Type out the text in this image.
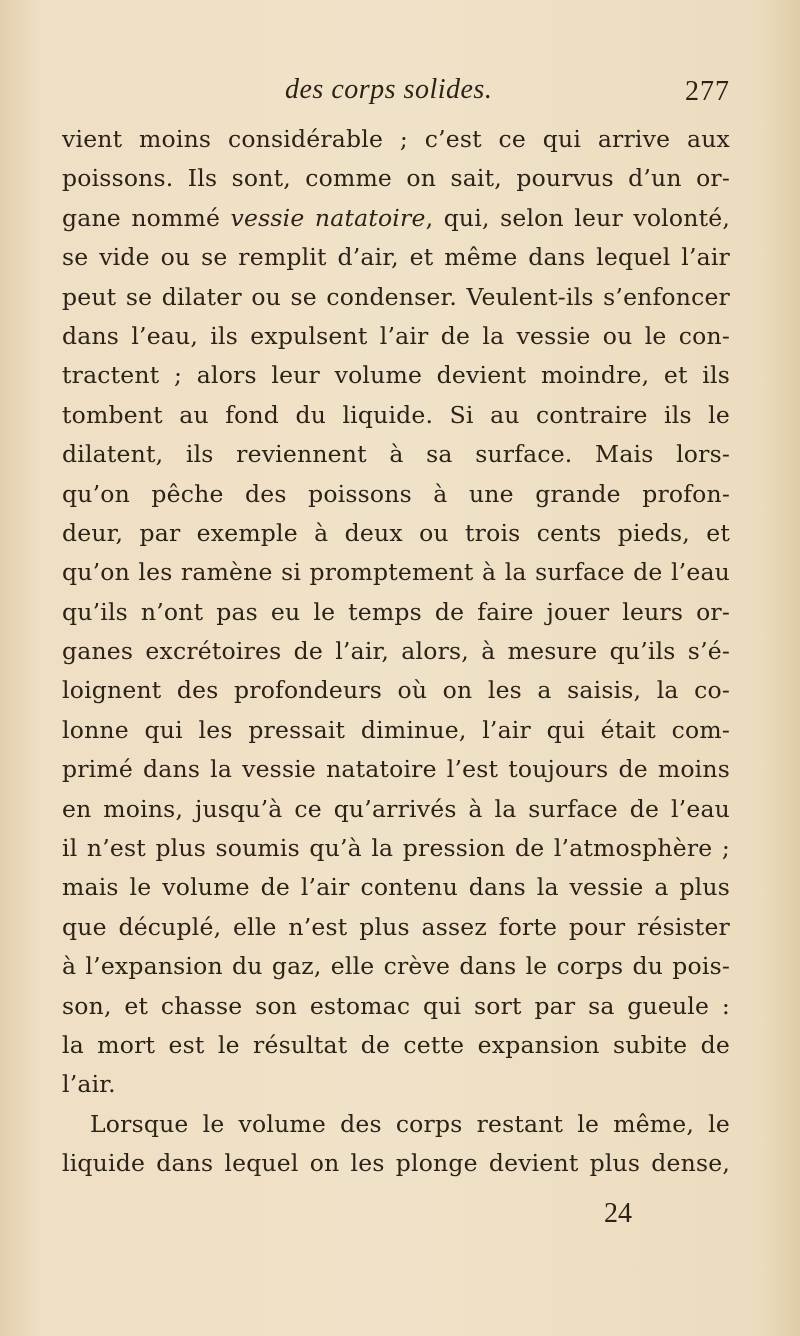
des corps solides.	277
vient moins considérable ; c’est ce qui arrive aux
poissons. Ils sont, comme on sait, pourvus d’un or-
gane nommé vessie natatoire, qui, selon leur volonté,
se vide ou se remplit d’air, et même dans lequel l’air
peut se dilater ou se condenser. Veulent-ils s’enfoncer
dans l’eau, ils expulsent l’air de la vessie ou le con-
tractent ; alors leur volume devient moindre, et ils
tombent au fond du liquide. Si au contraire ils le
dilatent, ils reviennent à sa surface. Mais lors-
qu’on pêche des poissons à une grande profon-
deur, par exemple à deux ou trois cents pieds, et
qu’on les ramène si promptement à la surface de l’eau
qu’ils n’ont pas eu le temps de faire jouer leurs or-
ganes excrétoires de l’air, alors, à mesure qu’ils s’é-
loignent des profondeurs où on les a saisis, la co-
lonne qui les pressait diminue, l’air qui était com-
primé dans la vessie natatoire l’est toujours de moins
en moins, jusqu’à ce qu’arrivés à la surface de l’eau
il n’est plus soumis qu’à la pression de l’atmosphère ;
mais le volume de l’air contenu dans la vessie a plus
que décuplé, elle n’est plus assez forte pour résister
à l’expansion du gaz, elle crève dans le corps du pois-
son, et chasse son estomac qui sort par sa gueule :
la mort est le résultat de cette expansion subite de
l’air.
Lorsque le volume des corps restant le même, le
liquide dans lequel on les plonge devient plus dense,
24
